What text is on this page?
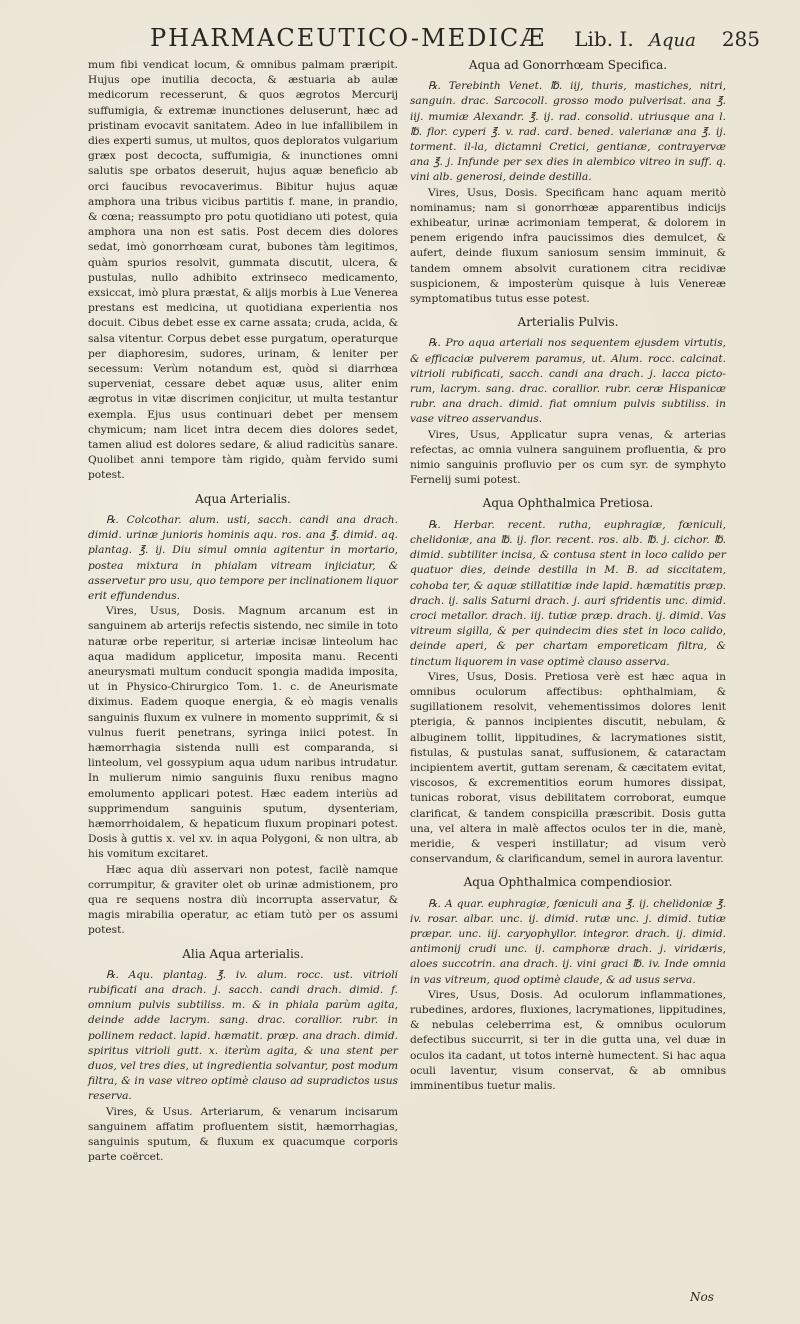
PHARMACEUTICO-MEDICÆ Lib. I. Aqua 285

mum fibi vendicat locum, & omnibus palmam præripit. Hujus ope inutilia decocta, & æstuaria ab aulæ medicorum recesserunt, & quos ægrotos Mercurij suffumigia, & extremæ inunctiones deluserunt, hæc ad pristinam evocavit sanitatem. Adeo in lue infallibilem in dies experti sumus, ut multos, quos deploratos vulgarium græx post decocta, suffumigia, & inunctiones omni salutis spe orbatos deseruit, hujus aquæ beneficio ab orci faucibus revocaverimus. Bibitur hujus aquæ amphora una tribus vicibus partitis f. mane, in prandio, & cœna; reassumpto pro potu quotidiano uti potest, quia amphora una non est satis. Post decem dies dolores sedat, imò gonorrhœam curat, bubones tàm legitimos, quàm spurios resolvit, gummata discutit, ulcera, & pustulas, nullo adhibito extrinseco medicamento, exsiccat, imò plura præstat, & alijs morbis à Lue Venerea prestans est medicina, ut quotidiana experientia nos docuit. Cibus debet esse ex carne assata; cruda, acida, & salsa vitentur. Corpus debet esse purgatum, operaturque per diaphoresim, sudores, urinam, & leniter per secessum: Verùm notandum est, quòd si diarrhœa superveniat, cessare debet aquæ usus, aliter enim ægrotus in vitæ discrimen conjicitur, ut multa testantur exempla. Ejus usus continuari debet per mensem chymicum; nam licet intra decem dies dolores sedet, tamen aliud est dolores sedare, & aliud radicitùs sanare. Quolibet anni tempore tàm rigido, quàm fervido sumi potest.

Aqua Arterialis.

℞. Colcothar. alum. usti, sacch. candi ana drach. dimid. urinæ junioris hominis aqu. ros. ana ℥. dimid. aq. plantag. ℥. ij. Diu simul omnia agitentur in mortario, postea mixtura in phialam vitream injiciatur, & asservetur pro usu, quo tempore per inclinationem liquor erit effundendus.

Vires, Usus, Dosis. Magnum arcanum est in sanguinem ab arterijs refectis sistendo, nec simile in toto naturæ orbe reperitur, si arteriæ incisæ linteolum hac aqua madidum applicetur, imposita manu. Recenti aneurysmati multum conducit spongia madida imposita, ut in Physico-Chirurgico Tom. 1. c. de Aneurismate diximus. Eadem quoque energia, & eò magis venalis sanguinis fluxum ex vulnere in momento supprimit, & si vulnus fuerit penetrans, syringa iniici potest. In hæmorrhagia sistenda nulli est comparanda, si linteolum, vel gossypium aqua udum naribus intrudatur. In mulierum nimio sanguinis fluxu renibus magno emolumento applicari potest. Hæc eadem interiùs ad supprimendum sanguinis sputum, dysenteriam, hæmorrhoidalem, & hepaticum fluxum propinari potest. Dosis à guttis x. vel xv. in aqua Polygoni, & non ultra, ab his vomitum excitaret.

Hæc aqua diù asservari non potest, facilè namque corrumpitur, & graviter olet ob urinæ admistionem, pro qua re sequens nostra diù incorrupta asservatur, & magis mirabilia operatur, ac etiam tutò per os assumi potest.

Alia Aqua arterialis.

℞. Aqu. plantag. ℥. iv. alum. rocc. ust. vitrioli rubificati ana drach. j. sacch. candi drach. dimid. f. omnium pulvis subtiliss. m. & in phiala parùm agita, deinde adde lacrym. sang. drac. corallior. rubr. in pollinem redact. lapid. hæmatit. præp. ana drach. dimid. spiritus vitrioli gutt. x. iterùm agita, & una stent per duos, vel tres dies, ut ingredientia solvantur, post modum filtra, & in vase vitreo optimè clauso ad supradictos usus reserva.

Vires, & Usus. Arteriarum, & venarum incisarum sanguinem affatim profluentem sistit, hæmorrhagias, sanguinis sputum, & fluxum ex quacumque corporis parte coërcet.

Aqua ad Gonorrhœam Specifica.

℞. Terebinth Venet. ℔. iij, thuris, mastiches, nitri, sanguin. drac. Sarcocoll. grosso modo pulverisat. ana ℥. iij. mumiæ Alexandr. ℥. ij. rad. consolid. utriusque ana l. ℔. flor. cyperi ℥. v. rad. card. bened. valerianæ ana ℥. ij. torment. il-la, dictamni Cretici, gentianæ, contrayervæ ana ℥. j. Infunde per sex dies in alembico vitreo in suff. q. vini alb. generosi, deinde destilla.

Vires, Usus, Dosis. Specificam hanc aquam meritò nominamus; nam si gonorrhœæ apparentibus indicijs exhibeatur, urinæ acrimoniam temperat, & dolorem in penem erigendo infra paucissimos dies demulcet, & aufert, deinde fluxum saniosum sensim imminuit, & tandem omnem absolvit curationem citra recidivæ suspicionem, & imposterùm quisque à luis Venereæ symptomatibus tutus esse potest.

Arterialis Pulvis.

℞. Pro aqua arteriali nos sequentem ejusdem virtutis, & efficaciæ pulverem paramus, ut. Alum. rocc. calcinat. vitrioli rubificati, sacch. candi ana drach. j. lacca picto-rum, lacrym. sang. drac. corallior. rubr. ceræ Hispanicæ rubr. ana drach. dimid. fiat omnium pulvis subtiliss. in vase vitreo asservandus.

Vires, Usus, Applicatur supra venas, & arterias refectas, ac omnia vulnera sanguinem profluentia, & pro nimio sanguinis profluvio per os cum syr. de symphyto Fernelij sumi potest.

Aqua Ophthalmica Pretiosa.

℞. Herbar. recent. rutha, euphragiæ, fœniculi, chelidoniæ, ana ℔. ij. flor. recent. ros. alb. ℔. j. cichor. ℔. dimid. subtiliter incisa, & contusa stent in loco calido per quatuor dies, deinde destilla in M. B. ad siccitatem, cohoba ter, & aquæ stillatitiæ inde lapid. hæmatitis præp. drach. ij. salis Saturni drach. j. auri sfridentis unc. dimid. croci metallor. drach. iij. tutiæ præp. drach. ij. dimid. Vas vitreum sigilla, & per quindecim dies stet in loco calido, deinde aperi, & per chartam emporeticam filtra, & tinctum liquorem in vase optimè clauso asserva.

Vires, Usus, Dosis. Pretiosa verè est hæc aqua in omnibus oculorum affectibus: ophthalmiam, & sugillationem resolvit, vehementissimos dolores lenit pterigia, & pannos incipientes discutit, nebulam, & albuginem tollit, lippitudines, & lacrymationes sistit, fistulas, & pustulas sanat, suffusionem, & cataractam incipientem avertit, guttam serenam, & cæcitatem evitat, viscosos, & excrementitios eorum humores dissipat, tunicas roborat, visus debilitatem corroborat, eumque clarificat, & tandem conspicilla præscribit. Dosis gutta una, vel altera in malè affectos oculos ter in die, manè, meridie, & vesperi instillatur; ad visum verò conservandum, & clarificandum, semel in aurora laventur.

Aqua Ophthalmica compendiosior.

℞. A quar. euphragiæ, fœniculi ana ℥. ij. chelidoniæ ℥. iv. rosar. albar. unc. ij. dimid. rutæ unc. j. dimid. tutiæ præpar. unc. iij. caryophyllor. integror. drach. ij. dimid. antimonij crudi unc. ij. camphoræ drach. j. viridæris, aloes succotrin. ana drach. ij. vini graci ℔. iv. Inde omnia in vas vitreum, quod optimè claude, & ad usus serva.

Vires, Usus, Dosis. Ad oculorum inflammationes, rubedines, ardores, fluxiones, lacrymationes, lippitudines, & nebulas celeberrima est, & omnibus oculorum defectibus succurrit, si ter in die gutta una, vel duæ in oculos ita cadant, ut totos internè humectent. Si hac aqua oculi laventur, visum conservat, & ab omnibus imminentibus tuetur malis.

Nos
